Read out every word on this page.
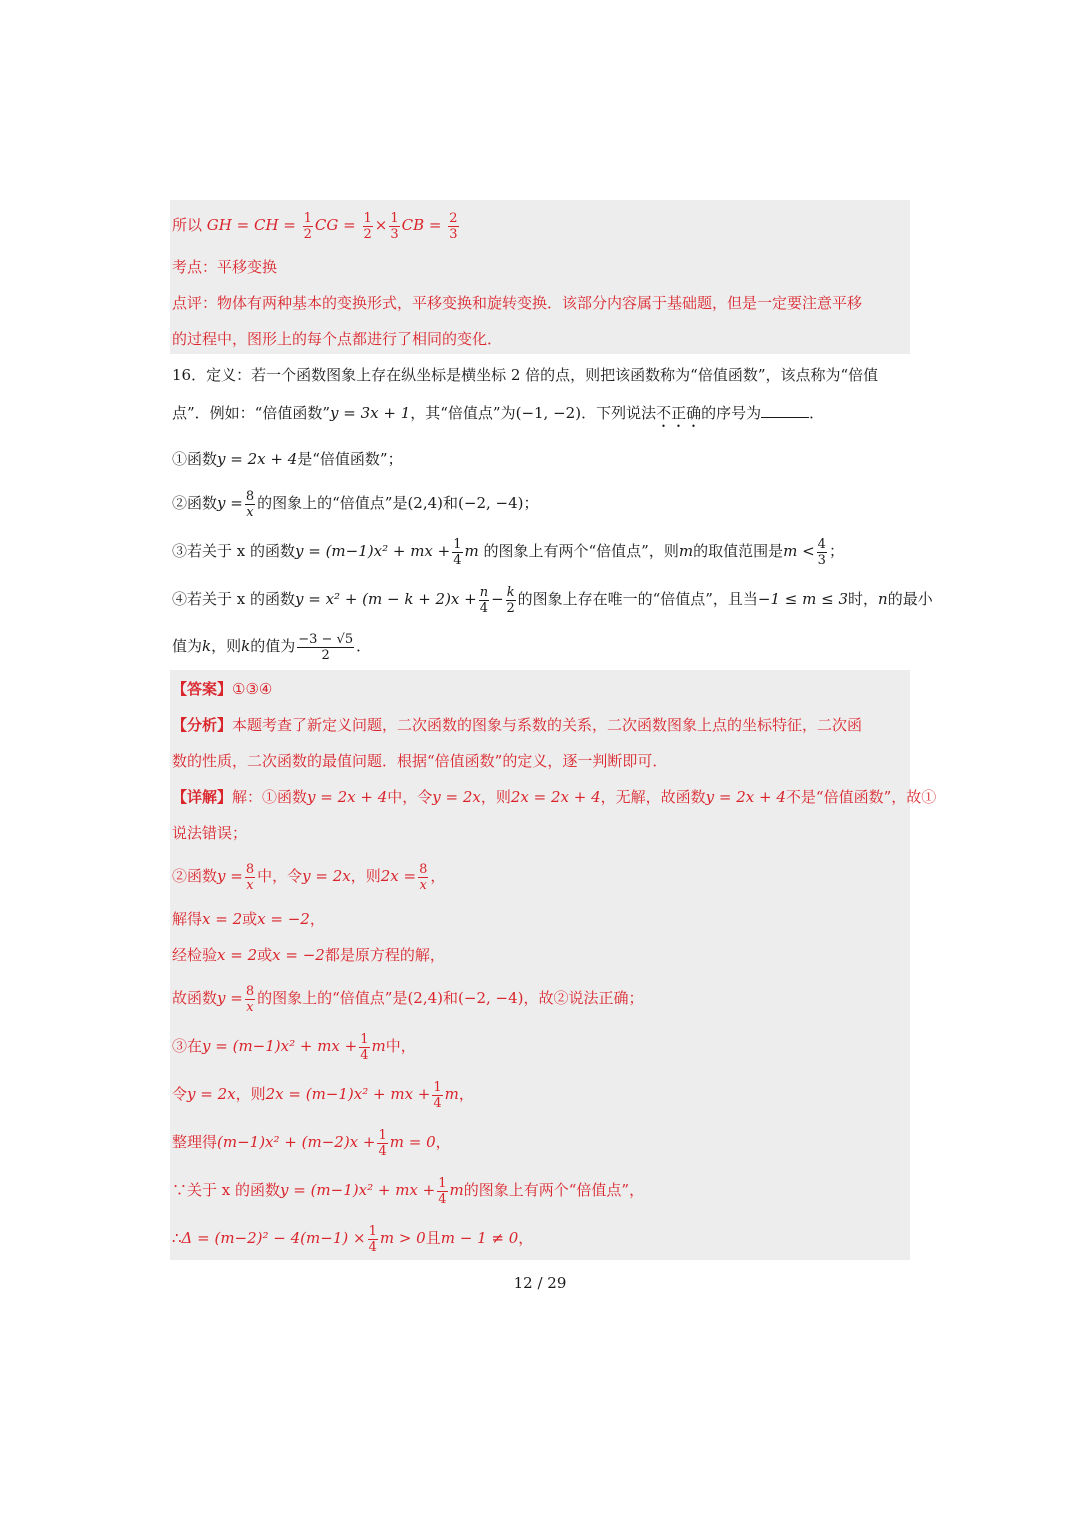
所以 GH = CH = $\frac{1}{2}$ CG = $\frac{1}{2} \times \frac{1}{3}$ CB = $\frac{2}{3}$
考点：平移变换
点评：物体有两种基本的变换形式，平移变换和旋转变换．该部分内容属于基础题，但是一定要注意平移
的过程中，图形上的每个点都进行了相同的变化．
16．定义：若一个函数图象上存在纵坐标是横坐标 2 倍的点，则把该函数称为“倍值函数”，该点称为“倍值
点”．例如：“倍值函数”y = 3x + 1，其“倍值点”为(−1, −2)．下列说法不正确的序号为	．
①函数y = 2x + 4是“倍值函数”；
②函数$y = \frac{8}{x}$ 的图象上的“倍值点”是(2,4)和(−2, −4)；
③若关于 x 的函数y = (m−1)x² + mx + $\frac{1}{4}$ m 的图象上有两个“倍值点”，则m的取值范围是$m < \frac{4}{3}$ ；
④若关于 x 的函数$y = x^2 + (m - k + 2)x + \frac{n}{4} - \frac{k}{2}$ 的图象上存在唯一的“倍值点”，且当−1 ≤ m ≤ 3时，n的最小
值为k，则k的值为 $\frac{-3 - √5}{2}$ ．
【答案】①③④
【分析】本题考查了新定义问题，二次函数的图象与系数的关系，二次函数图象上点的坐标特征，二次函
数的性质，二次函数的最值问题．根据“倍值函数”的定义，逐一判断即可．
【详解】解：①函数y = 2x + 4中，令y = 2x，则2x = 2x + 4，无解，故函数y = 2x + 4不是“倍值函数”，故①
说法错误；
②函数$y = \frac{8}{x}$ 中，令y = 2x，则$2x = \frac{8}{x}$ ，
解得x = 2或x = −2，
经检验x = 2或x = −2都是原方程的解，
故函数$y = \frac{8}{x}$ 的图象上的“倍值点”是(2,4)和(−2, −4)，故②说法正确；
③在y = (m−1)x² + mx + $\frac{1}{4}$ m中，
令y = 2x，则2x = (m−1)x² + mx + $\frac{1}{4}$ m，
整理得$(m-1)x^2 + (m-2)x + \frac{1}{4}$ m = 0，
∵关于 x 的函数y = (m−1)x² + mx + $\frac{1}{4}$ m的图象上有两个“倍值点”，
∴Δ = $(m-2)^2 - 4(m-1) \times \frac{1}{4}$ m > 0且m − 1 ≠ 0，
12 / 29
